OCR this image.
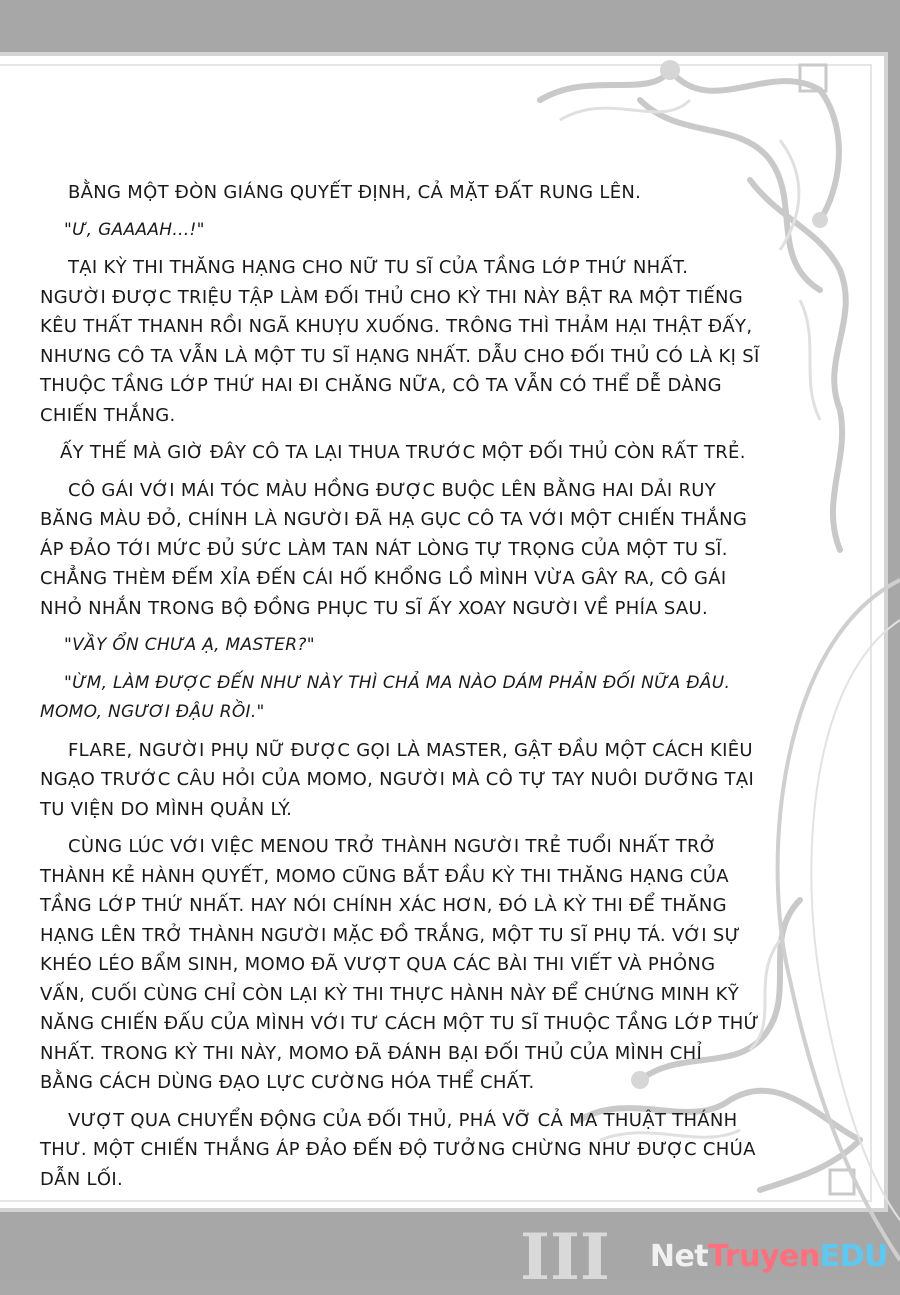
III

BẰNG MỘT ĐÒN GIÁNG QUYẾT ĐỊNH, CẢ MẶT ĐẤT RUNG LÊN.

"Ư, GAAAAH...!"

TẠI KỲ THI THĂNG HẠNG CHO NỮ TU SĨ CỦA TẦNG LỚP THỨ NHẤT. NGƯỜI ĐƯỢC TRIỆU TẬP LÀM ĐỐI THỦ CHO KỲ THI NÀY BẬT RA MỘT TIẾNG KÊU THẤT THANH RỒI NGÃ KHUỴU XUỐNG. TRÔNG THÌ THẢM HẠI THẬT ĐẤY, NHƯNG CÔ TA VẪN LÀ MỘT TU SĨ HẠNG NHẤT. DẪU CHO ĐỐI THỦ CÓ LÀ KỊ SĨ THUỘC TẦNG LỚP THỨ HAI ĐI CHĂNG NỮA, CÔ TA VẪN CÓ THỂ DỄ DÀNG CHIẾN THẮNG.

ẤY THẾ MÀ GIỜ ĐÂY CÔ TA LẠI THUA TRƯỚC MỘT ĐỐI THỦ CÒN RẤT TRẺ.

CÔ GÁI VỚI MÁI TÓC MÀU HỒNG ĐƯỢC BUỘC LÊN BẰNG HAI DẢI RUY BĂNG MÀU ĐỎ, CHÍNH LÀ NGƯỜI ĐÃ HẠ GỤC CÔ TA VỚI MỘT CHIẾN THẮNG ÁP ĐẢO TỚI MỨC ĐỦ SỨC LÀM TAN NÁT LÒNG TỰ TRỌNG CỦA MỘT TU SĨ. CHẲNG THÈM ĐẾM XỈA ĐẾN CÁI HỐ KHỔNG LỒ MÌNH VỪA GÂY RA, CÔ GÁI NHỎ NHẮN TRONG BỘ ĐỒNG PHỤC TU SĨ ẤY XOAY NGƯỜI VỀ PHÍA SAU.

"VẦY ỔN CHƯA Ạ, MASTER?"

"ỪM, LÀM ĐƯỢC ĐẾN NHƯ NÀY THÌ CHẢ MA NÀO DÁM PHẢN ĐỐI NỮA ĐÂU. MOMO, NGƯƠI ĐẬU RỒI."

FLARE, NGƯỜI PHỤ NỮ ĐƯỢC GỌI LÀ MASTER, GẬT ĐẦU MỘT CÁCH KIÊU NGẠO TRƯỚC CÂU HỎI CỦA MOMO, NGƯỜI MÀ CÔ TỰ TAY NUÔI DƯỠNG TẠI TU VIỆN DO MÌNH QUẢN LÝ.

CÙNG LÚC VỚI VIỆC MENOU TRỞ THÀNH NGƯỜI TRẺ TUỔI NHẤT TRỞ THÀNH KẺ HÀNH QUYẾT, MOMO CŨNG BẮT ĐẦU KỲ THI THĂNG HẠNG CỦA TẦNG LỚP THỨ NHẤT. HAY NÓI CHÍNH XÁC HƠN, ĐÓ LÀ KỲ THI ĐỂ THĂNG HẠNG LÊN TRỞ THÀNH NGƯỜI MẶC ĐỒ TRẮNG, MỘT TU SĨ PHỤ TÁ. VỚI SỰ KHÉO LÉO BẨM SINH, MOMO ĐÃ VƯỢT QUA CÁC BÀI THI VIẾT VÀ PHỎNG VẤN, CUỐI CÙNG CHỈ CÒN LẠI KỲ THI THỰC HÀNH NÀY ĐỂ CHỨNG MINH KỸ NĂNG CHIẾN ĐẤU CỦA MÌNH VỚI TƯ CÁCH MỘT TU SĨ THUỘC TẦNG LỚP THỨ NHẤT. TRONG KỲ THI NÀY, MOMO ĐÃ ĐÁNH BẠI ĐỐI THỦ CỦA MÌNH CHỈ BẰNG CÁCH DÙNG ĐẠO LỰC CƯỜNG HÓA THỂ CHẤT.

VƯỢT QUA CHUYỂN ĐỘNG CỦA ĐỐI THỦ, PHÁ VỠ CẢ MA THUẬT THÁNH THƯ. MỘT CHIẾN THẮNG ÁP ĐẢO ĐẾN ĐỘ TƯỞNG CHỪNG NHƯ ĐƯỢC CHÚA DẪN LỐI.

NetTruyenEDU
